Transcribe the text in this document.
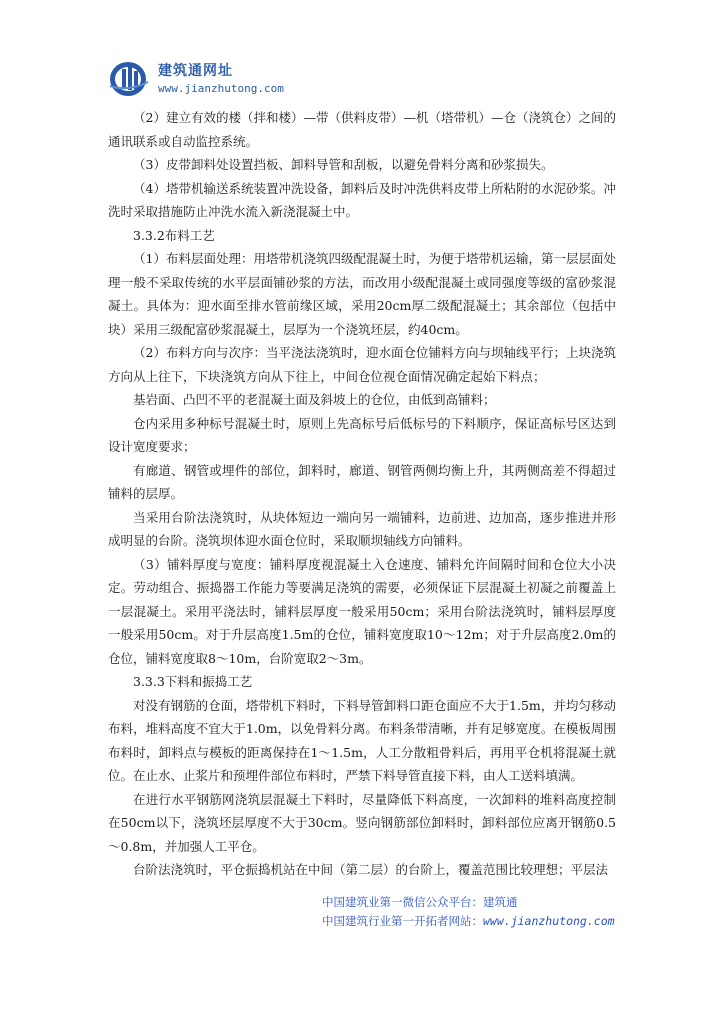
建筑通网址
www.jianzhutong.com

（2）建立有效的楼（拌和楼）—带（供料皮带）—机（塔带机）—仓（浇筑仓）之间的通讯联系或自动监控系统。

（3）皮带卸料处设置挡板、卸料导管和刮板，以避免骨料分离和砂浆损失。

（4）塔带机输送系统装置冲洗设备，卸料后及时冲洗供料皮带上所粘附的水泥砂浆。冲洗时采取措施防止冲洗水流入新浇混凝土中。

3.3.2布料工艺

（1）布料层面处理：用塔带机浇筑四级配混凝土时，为便于塔带机运输，第一层层面处理一般不采取传统的水平层面铺砂浆的方法，而改用小级配混凝土或同强度等级的富砂浆混凝土。具体为：迎水面至排水管前缘区域，采用20cm厚二级配混凝土；其余部位（包括中块）采用三级配富砂浆混凝土，层厚为一个浇筑坯层，约40cm。

（2）布料方向与次序：当平浇法浇筑时，迎水面仓位铺料方向与坝轴线平行；上块浇筑方向从上往下，下块浇筑方向从下往上，中间仓位视仓面情况确定起始下料点；

基岩面、凸凹不平的老混凝土面及斜坡上的仓位，由低到高铺料；

仓内采用多种标号混凝土时，原则上先高标号后低标号的下料顺序，保证高标号区达到设计宽度要求；

有廊道、钢管或埋件的部位，卸料时，廊道、钢管两侧均衡上升，其两侧高差不得超过铺料的层厚。

当采用台阶法浇筑时，从块体短边一端向另一端铺料，边前进、边加高，逐步推进并形成明显的台阶。浇筑坝体迎水面仓位时，采取顺坝轴线方向铺料。

（3）铺料厚度与宽度：铺料厚度视混凝土入仓速度、铺料允许间隔时间和仓位大小决定。劳动组合、振捣器工作能力等要满足浇筑的需要，必须保证下层混凝土初凝之前覆盖上一层混凝土。采用平浇法时，铺料层厚度一般采用50cm；采用台阶法浇筑时，铺料层厚度一般采用50cm。对于升层高度1.5m的仓位，铺料宽度取10～12m；对于升层高度2.0m的仓位，铺料宽度取8～10m，台阶宽取2～3m。

3.3.3下料和振捣工艺

对没有钢筋的仓面，塔带机下料时，下料导管卸料口距仓面应不大于1.5m，并均匀移动布料，堆料高度不宜大于1.0m，以免骨料分离。布料条带清晰，并有足够宽度。在模板周围布料时，卸料点与模板的距离保持在1～1.5m，人工分散粗骨料后，再用平仓机将混凝土就位。在止水、止浆片和预埋件部位布料时，严禁下料导管直接下料，由人工送料填满。

在进行水平钢筋网浇筑层混凝土下料时，尽量降低下料高度，一次卸料的堆料高度控制在50cm以下，浇筑坯层厚度不大于30cm。竖向钢筋部位卸料时，卸料部位应离开钢筋0.5～0.8m，并加强人工平仓。

台阶法浇筑时，平仓振捣机站在中间（第二层）的台阶上，覆盖范围比较理想；平层法

中国建筑业第一微信公众平台：建筑通
中国建筑行业第一开拓者网站：www.jianzhutong.com
